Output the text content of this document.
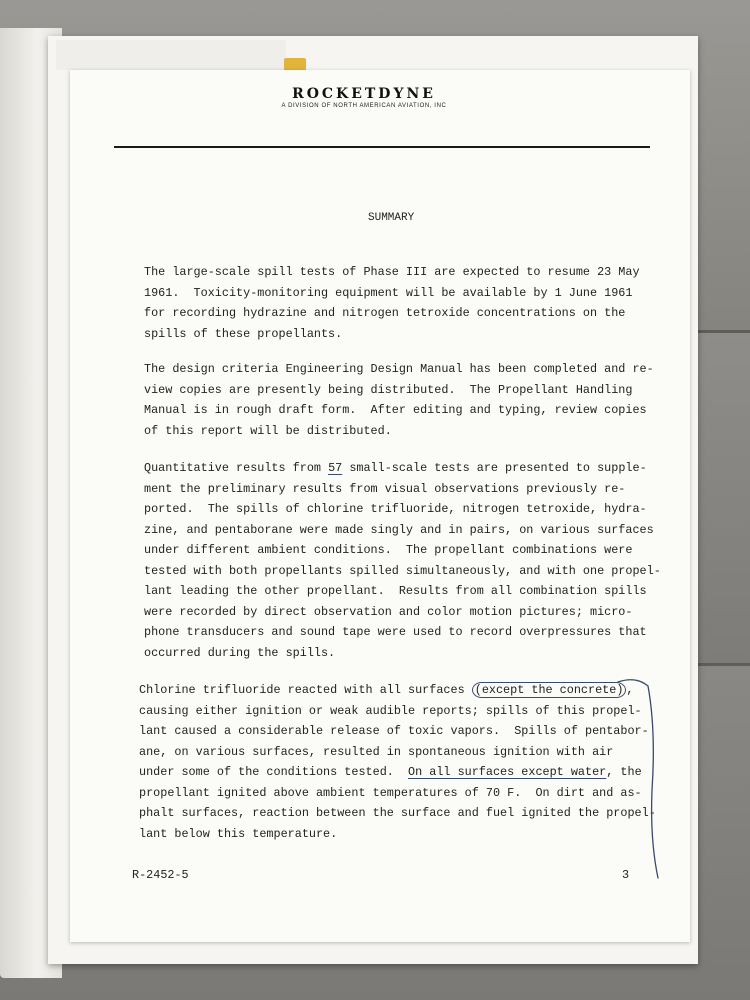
ROCKETDYNE
A DIVISION OF NORTH AMERICAN AVIATION, INC
SUMMARY

The large-scale spill tests of Phase III are expected to resume 23 May
1961.  Toxicity-monitoring equipment will be available by 1 June 1961
for recording hydrazine and nitrogen tetroxide concentrations on the
spills of these propellants.

The design criteria Engineering Design Manual has been completed and re-
view copies are presently being distributed.  The Propellant Handling
Manual is in rough draft form.  After editing and typing, review copies
of this report will be distributed.

Quantitative results from 57 small-scale tests are presented to supple-
ment the preliminary results from visual observations previously re-
ported.  The spills of chlorine trifluoride, nitrogen tetroxide, hydra-
zine, and pentaborane were made singly and in pairs, on various surfaces
under different ambient conditions.  The propellant combinations were
tested with both propellants spilled simultaneously, and with one propel-
lant leading the other propellant.  Results from all combination spills
were recorded by direct observation and color motion pictures; micro-
phone transducers and sound tape were used to record overpressures that
occurred during the spills.

Chlorine trifluoride reacted with all surfaces (except the concrete) ,
causing either ignition or weak audible reports; spills of this propel-
lant caused a considerable release of toxic vapors.  Spills of pentabor-
ane, on various surfaces, resulted in spontaneous ignition with air
under some of the conditions tested.  On all surfaces except water, the
propellant ignited above ambient temperatures of 70 F.  On dirt and as-
phalt surfaces, reaction between the surface and fuel ignited the propel-
lant below this temperature.

R-2452-5	3
